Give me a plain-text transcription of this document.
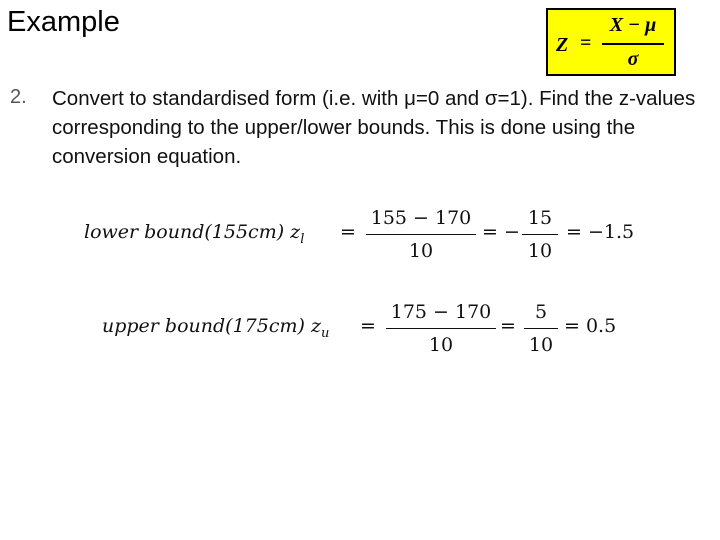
Example
Z =
X − μ
σ
2. Convert to standardised form (i.e. with μ=0 and σ=1). Find the z-values corresponding to the upper/lower bounds. This is done using the conversion equation.
lower bound(155cm) $z_l$ =
155 − 170
10
= −
15
10
= −1.5
upper bound(175cm) $z_u$ =
175 − 170
10
=
5
10
= 0.5
